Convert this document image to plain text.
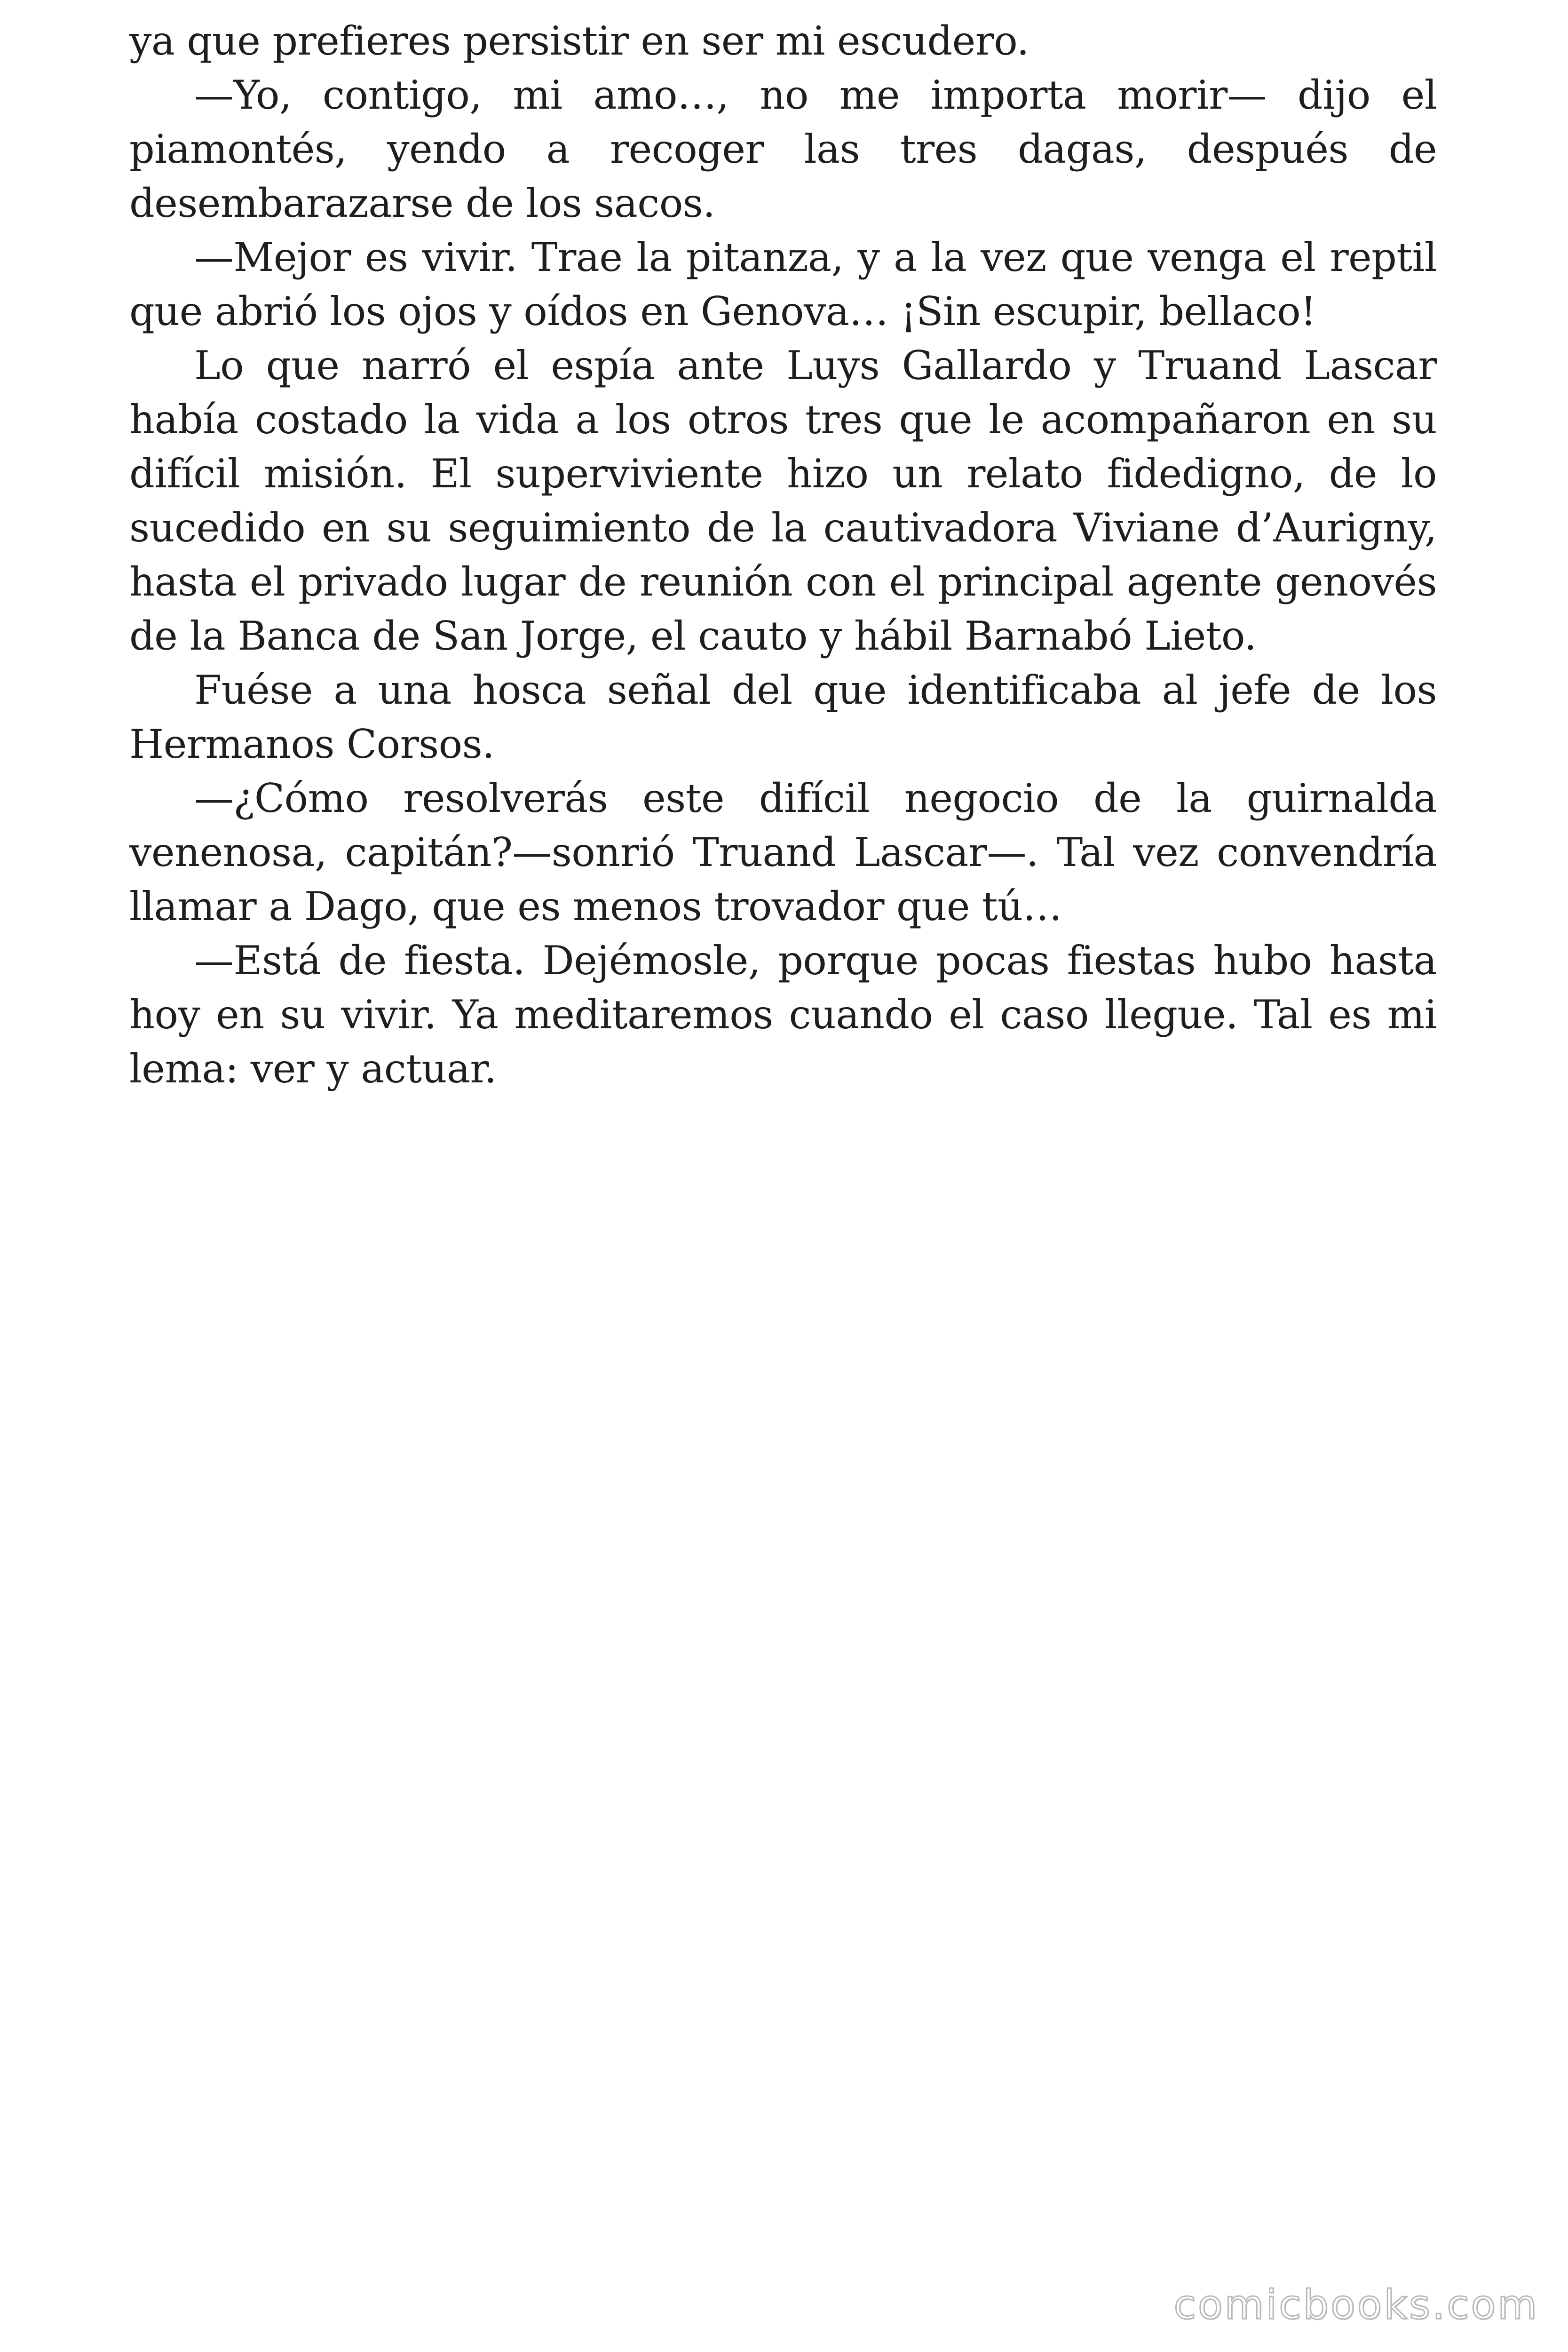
ya que prefieres persistir en ser mi escudero.

—Yo, contigo, mi amo…, no me importa morir— dijo el piamontés, yendo a recoger las tres dagas, después de desembarazarse de los sacos.

—Mejor es vivir. Trae la pitanza, y a la vez que venga el reptil que abrió los ojos y oídos en Genova… ¡Sin escupir, bellaco!

Lo que narró el espía ante Luys Gallardo y Truand Lascar había costado la vida a los otros tres que le acompañaron en su difícil misión. El superviviente hizo un relato fidedigno, de lo sucedido en su seguimiento de la cautivadora Viviane d’Aurigny, hasta el privado lugar de reunión con el principal agente genovés de la Banca de San Jorge, el cauto y hábil Barnabó Lieto.

Fuése a una hosca señal del que identificaba al jefe de los Hermanos Corsos.

—¿Cómo resolverás este difícil negocio de la guirnalda venenosa, capitán?—sonrió Truand Lascar—. Tal vez convendría llamar a Dago, que es menos trovador que tú…

—Está de fiesta. Dejémosle, porque pocas fiestas hubo hasta hoy en su vivir. Ya meditaremos cuando el caso llegue. Tal es mi lema: ver y actuar.

comicbooks.com
